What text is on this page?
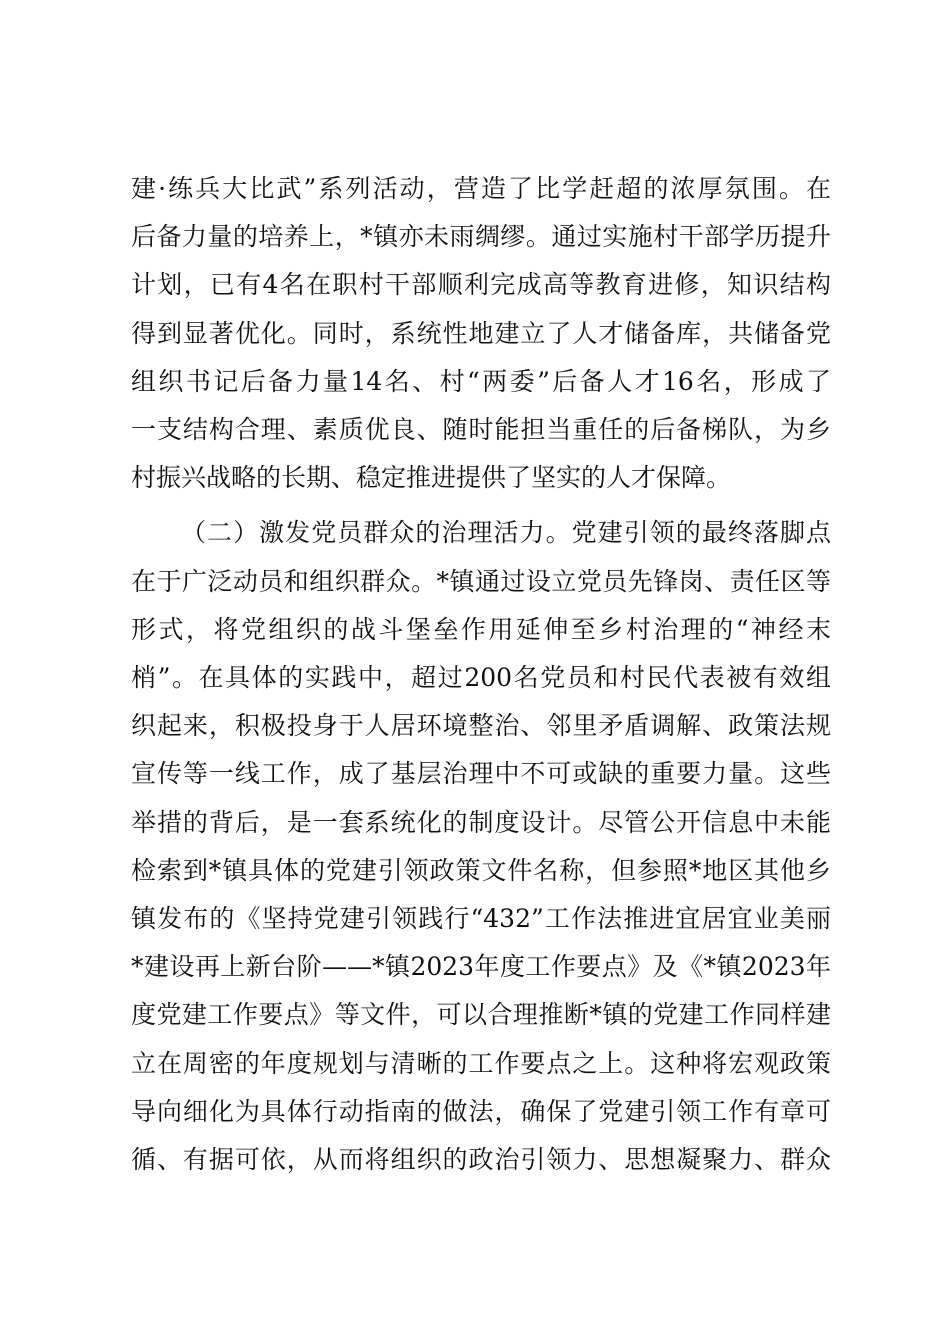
建·练兵大比武”系列活动，营造了比学赶超的浓厚氛围。在
后备力量的培养上，*镇亦未雨绸缪。通过实施村干部学历提升
计划，已有4名在职村干部顺利完成高等教育进修，知识结构
得到显著优化。同时，系统性地建立了人才储备库，共储备党
组织书记后备力量14名、村“两委”后备人才16名，形成了
一支结构合理、素质优良、随时能担当重任的后备梯队，为乡
村振兴战略的长期、稳定推进提供了坚实的人才保障。
（二）激发党员群众的治理活力。党建引领的最终落脚点
在于广泛动员和组织群众。*镇通过设立党员先锋岗、责任区等
形式，将党组织的战斗堡垒作用延伸至乡村治理的“神经末
梢”。在具体的实践中，超过200名党员和村民代表被有效组
织起来，积极投身于人居环境整治、邻里矛盾调解、政策法规
宣传等一线工作，成了基层治理中不可或缺的重要力量。这些
举措的背后，是一套系统化的制度设计。尽管公开信息中未能
检索到*镇具体的党建引领政策文件名称，但参照*地区其他乡
镇发布的《坚持党建引领践行“432”工作法推进宜居宜业美丽
*建设再上新台阶——*镇2023年度工作要点》及《*镇2023年
度党建工作要点》等文件，可以合理推断*镇的党建工作同样建
立在周密的年度规划与清晰的工作要点之上。这种将宏观政策
导向细化为具体行动指南的做法，确保了党建引领工作有章可
循、有据可依，从而将组织的政治引领力、思想凝聚力、群众
